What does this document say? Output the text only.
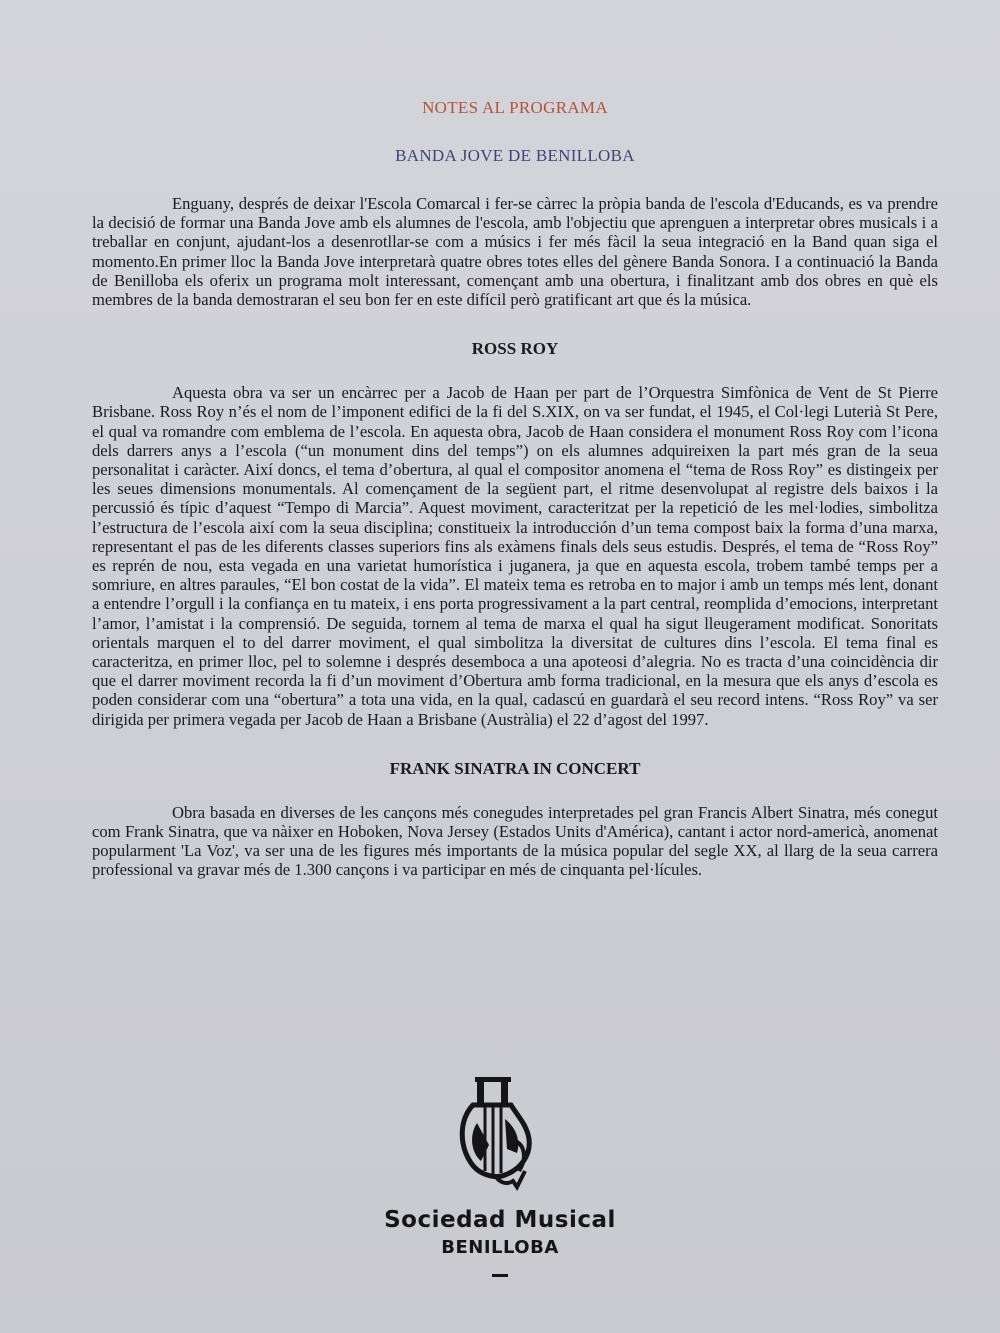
NOTES AL PROGRAMA
BANDA JOVE DE BENILLOBA

Enguany, després de deixar l'Escola Comarcal i fer-se càrrec la pròpia banda de l'escola d'Educands, es va prendre la decisió de formar una Banda Jove amb els alumnes de l'escola, amb l'objectiu que aprenguen a interpretar obres musicals i a treballar en conjunt, ajudant-los a desenrotllar-se com a músics i fer més fàcil la seua integració en la Band quan siga el momento.En primer lloc la Banda Jove interpretarà quatre obres totes elles del gènere Banda Sonora. I a continuació la Banda de Benilloba els oferix un programa molt interessant, començant amb una obertura, i finalitzant amb dos obres en què els membres de la banda demostraran el seu bon fer en este difícil però gratificant art que és la música.

ROSS ROY

Aquesta obra va ser un encàrrec per a Jacob de Haan per part de l’Orquestra Simfònica de Vent de St Pierre Brisbane. Ross Roy n’és el nom de l’imponent edifici de la fi del S.XIX, on va ser fundat, el 1945, el Col·legi Luterià St Pere, el qual va romandre com emblema de l’escola. En aquesta obra, Jacob de Haan considera el monument Ross Roy com l’icona dels darrers anys a l’escola (“un monument dins del temps”) on els alumnes adquireixen la part més gran de la seua personalitat i caràcter. Així doncs, el tema d’obertura, al qual el compositor anomena el “tema de Ross Roy” es distingeix per les seues dimensions monumentals. Al començament de la següent part, el ritme desenvolupat al registre dels baixos i la percussió és típic d’aquest “Tempo di Marcia”. Aquest moviment, caracteritzat per la repetició de les mel·lodies, simbolitza l’estructura de l’escola així com la seua disciplina; constitueix la introducción d’un tema compost baix la forma d’una marxa, representant el pas de les diferents classes superiors fins als exàmens finals dels seus estudis. Després, el tema de “Ross Roy” es reprén de nou, esta vegada en una varietat humorística i juganera, ja que en aquesta escola, trobem també temps per a somriure, en altres paraules, “El bon costat de la vida”. El mateix tema es retroba en to major i amb un temps més lent, donant a entendre l’orgull i la confiança en tu mateix, i ens porta progressivament a la part central, reomplida d’emocions, interpretant l’amor, l’amistat i la comprensió. De seguida, tornem al tema de marxa el qual ha sigut lleugerament modificat. Sonoritats orientals marquen el to del darrer moviment, el qual simbolitza la diversitat de cultures dins l’escola. El tema final es caracteritza, en primer lloc, pel to solemne i després desemboca a una apoteosi d’alegria. No es tracta d’una coincidència dir que el darrer moviment recorda la fi d’un moviment d’Obertura amb forma tradicional, en la mesura que els anys d’escola es poden considerar com una “obertura” a tota una vida, en la qual, cadascú en guardarà el seu record intens. “Ross Roy” va ser dirigida per primera vegada per Jacob de Haan a Brisbane (Austràlia) el 22 d’agost del 1997.

FRANK SINATRA IN CONCERT

Obra basada en diverses de les cançons més conegudes interpretades pel gran Francis Albert Sinatra, més conegut com Frank Sinatra, que va nàixer en Hoboken, Nova Jersey (Estados Units d'América), cantant i actor nord-americà, anomenat popularment 'La Voz', va ser una de les figures més importants de la música popular del segle XX, al llarg de la seua carrera professional va gravar més de 1.300 cançons i va participar en més de cinquanta pel·lícules.

Sociedad Musical
BENILLOBA
